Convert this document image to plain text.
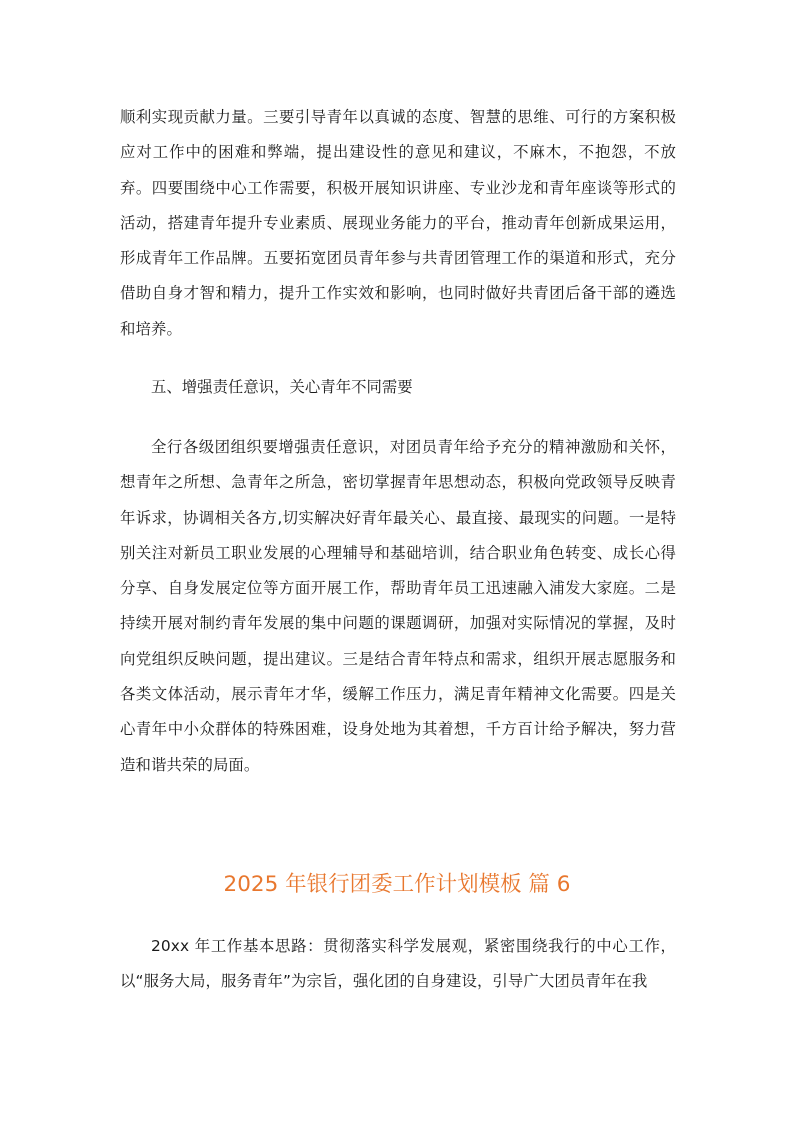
顺利实现贡献力量。三要引导青年以真诚的态度、智慧的思维、可行的方案积极应对工作中的困难和弊端，提出建设性的意见和建议，不麻木，不抱怨，不放弃。四要围绕中心工作需要，积极开展知识讲座、专业沙龙和青年座谈等形式的活动，搭建青年提升专业素质、展现业务能力的平台，推动青年创新成果运用，形成青年工作品牌。五要拓宽团员青年参与共青团管理工作的渠道和形式，充分借助自身才智和精力，提升工作实效和影响，也同时做好共青团后备干部的遴选和培养。

五、增强责任意识，关心青年不同需要

全行各级团组织要增强责任意识，对团员青年给予充分的精神激励和关怀，想青年之所想、急青年之所急，密切掌握青年思想动态，积极向党政领导反映青年诉求，协调相关各方,切实解决好青年最关心、最直接、最现实的问题。一是特别关注对新员工职业发展的心理辅导和基础培训，结合职业角色转变、成长心得分享、自身发展定位等方面开展工作，帮助青年员工迅速融入浦发大家庭。二是持续开展对制约青年发展的集中问题的课题调研，加强对实际情况的掌握，及时向党组织反映问题，提出建议。三是结合青年特点和需求，组织开展志愿服务和各类文体活动，展示青年才华，缓解工作压力，满足青年精神文化需要。四是关心青年中小众群体的特殊困难，设身处地为其着想，千方百计给予解决，努力营造和谐共荣的局面。

2025 年银行团委工作计划模板 篇 6

20xx 年工作基本思路：贯彻落实科学发展观，紧密围绕我行的中心工作，以“服务大局，服务青年”为宗旨，强化团的自身建设，引导广大团员青年在我
